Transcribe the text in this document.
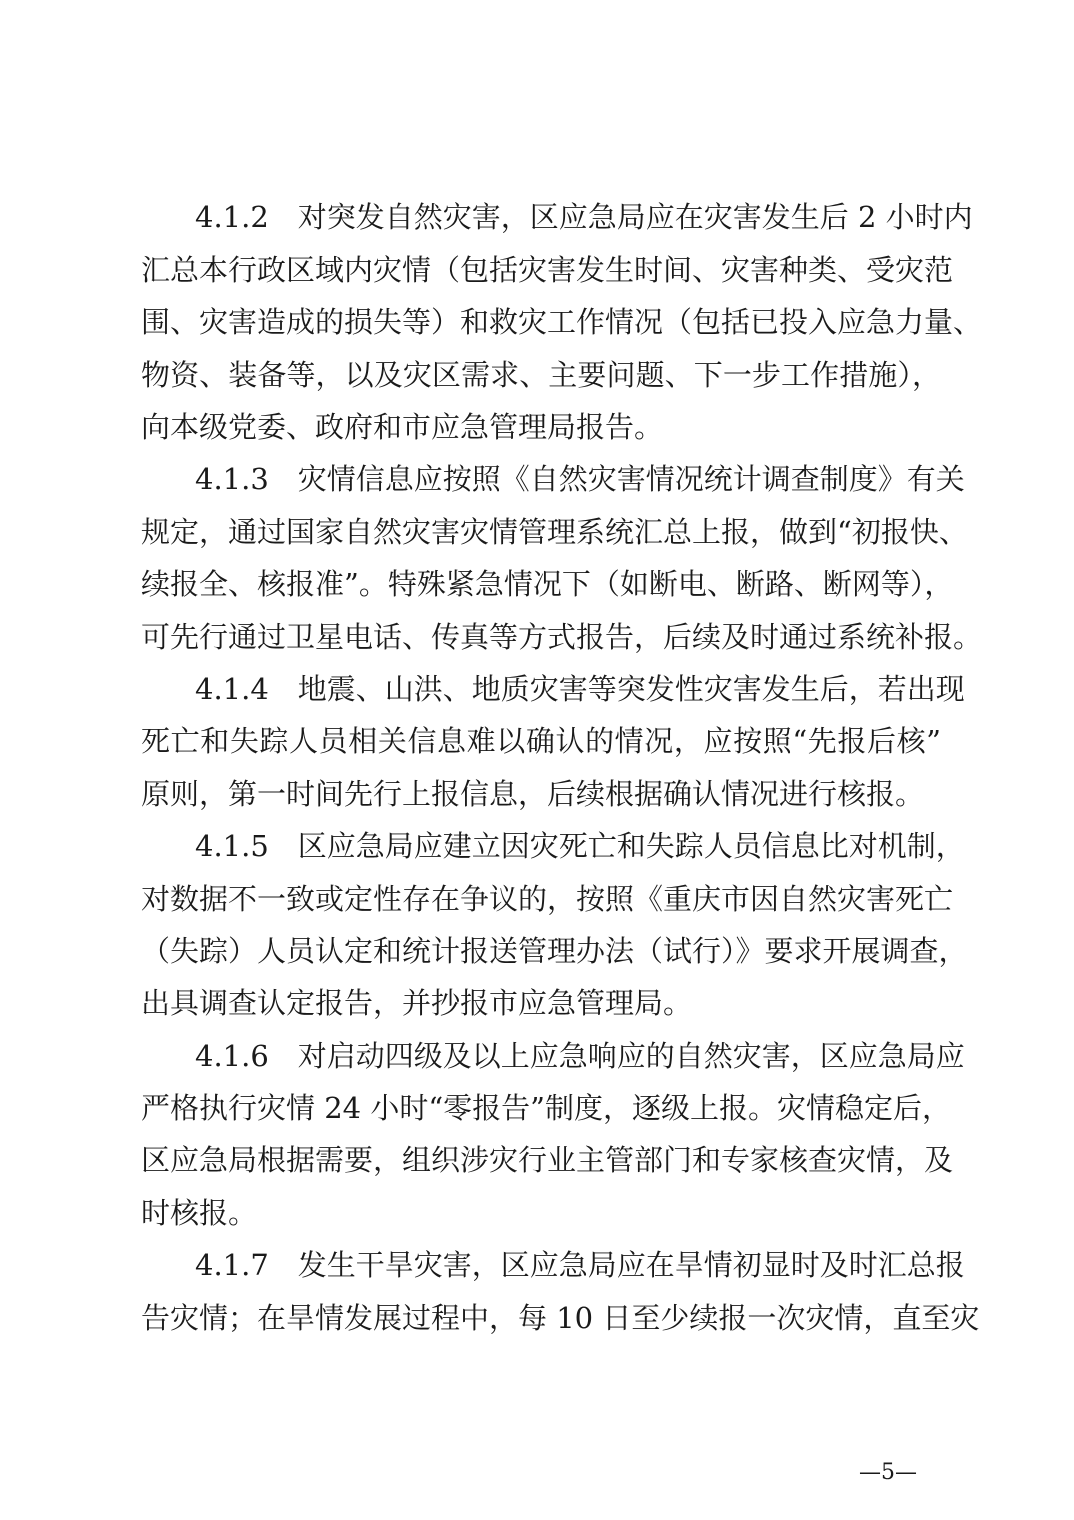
4.1.2　对突发自然灾害，区应急局应在灾害发生后 2 小时内
汇总本行政区域内灾情（包括灾害发生时间、灾害种类、受灾范
围、灾害造成的损失等）和救灾工作情况（包括已投入应急力量、
物资、装备等，以及灾区需求、主要问题、下一步工作措施），
向本级党委、政府和市应急管理局报告。
4.1.3　灾情信息应按照《自然灾害情况统计调查制度》有关
规定，通过国家自然灾害灾情管理系统汇总上报，做到“初报快、
续报全、核报准”。特殊紧急情况下（如断电、断路、断网等），
可先行通过卫星电话、传真等方式报告，后续及时通过系统补报。
4.1.4　地震、山洪、地质灾害等突发性灾害发生后，若出现
死亡和失踪人员相关信息难以确认的情况，应按照“先报后核”
原则，第一时间先行上报信息，后续根据确认情况进行核报。
4.1.5　区应急局应建立因灾死亡和失踪人员信息比对机制，
对数据不一致或定性存在争议的，按照《重庆市因自然灾害死亡
（失踪）人员认定和统计报送管理办法（试行）》要求开展调查，
出具调查认定报告，并抄报市应急管理局。
4.1.6　对启动四级及以上应急响应的自然灾害，区应急局应
严格执行灾情 24 小时“零报告”制度，逐级上报。灾情稳定后，
区应急局根据需要，组织涉灾行业主管部门和专家核查灾情，及
时核报。
4.1.7　发生干旱灾害，区应急局应在旱情初显时及时汇总报
告灾情；在旱情发展过程中，每 10 日至少续报一次灾情，直至灾
—5—
